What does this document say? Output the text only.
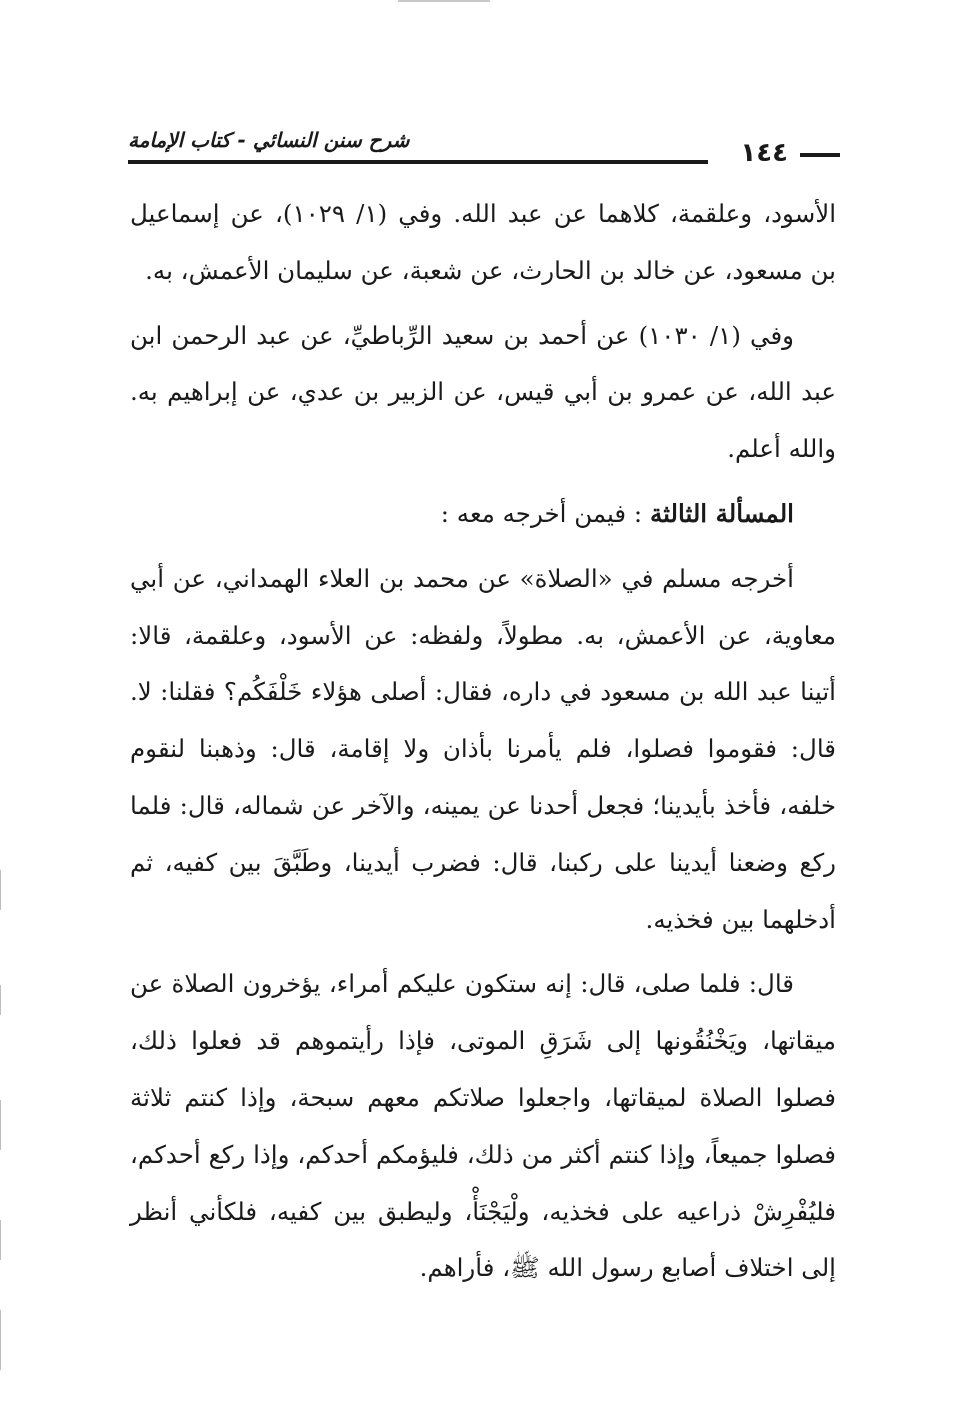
١٤٤
شرح سنن النسائي - كتاب الإمامة

الأسود، وعلقمة، كلاهما عن عبد الله. وفي (١/ ١٠٢٩)، عن إسماعيل بن مسعود، عن خالد بن الحارث، عن شعبة، عن سليمان الأعمش، به.

وفي (١/ ١٠٣٠) عن أحمد بن سعيد الرِّباطيِّ، عن عبد الرحمن ابن عبد الله، عن عمرو بن أبي قيس، عن الزبير بن عدي، عن إبراهيم به. والله أعلم.

المسألة الثالثة : فيمن أخرجه معه :

أخرجه مسلم في «الصلاة» عن محمد بن العلاء الهمداني، عن أبي معاوية، عن الأعمش، به. مطولاً، ولفظه: عن الأسود، وعلقمة، قالا: أتينا عبد الله بن مسعود في داره، فقال: أصلى هؤلاء خَلْفَكُم؟ فقلنا: لا. قال: فقوموا فصلوا، فلم يأمرنا بأذان ولا إقامة، قال: وذهبنا لنقوم خلفه، فأخذ بأيدينا؛ فجعل أحدنا عن يمينه، والآخر عن شماله، قال: فلما ركع وضعنا أيدينا على ركبنا، قال: فضرب أيدينا، وطَبَّقَ بين كفيه، ثم أدخلهما بين فخذيه.

قال: فلما صلى، قال: إنه ستكون عليكم أمراء، يؤخرون الصلاة عن ميقاتها، ويَخْنُقُونها إلى شَرَقِ الموتى، فإذا رأيتموهم قد فعلوا ذلك، فصلوا الصلاة لميقاتها، واجعلوا صلاتكم معهم سبحة، وإذا كنتم ثلاثة فصلوا جميعاً، وإذا كنتم أكثر من ذلك، فليؤمكم أحدكم، وإذا ركع أحدكم، فليُفْرِشْ ذراعيه على فخذيه، ولْيَجْنَأْ، وليطبق بين كفيه، فلكأني أنظر إلى اختلاف أصابع رسول الله ﷺ، فأراهم.
